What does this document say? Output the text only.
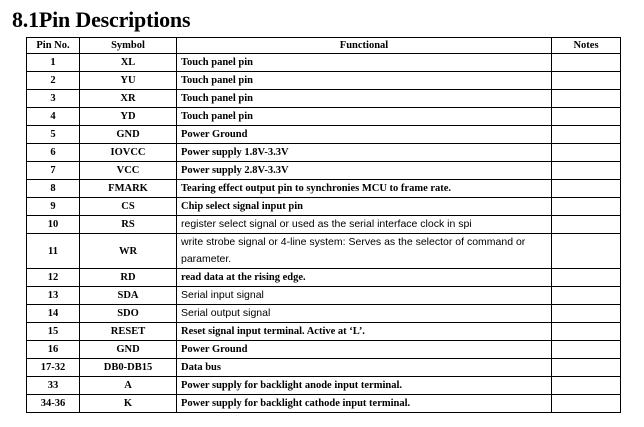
8.1Pin Descriptions
Pin No.	Symbol	Functional	Notes
1	XL	Touch panel pin	
2	YU	Touch panel pin	
3	XR	Touch panel pin	
4	YD	Touch panel pin	
5	GND	Power Ground	
6	IOVCC	Power supply 1.8V-3.3V	
7	VCC	Power supply 2.8V-3.3V	
8	FMARK	Tearing effect output pin to synchronies MCU to frame rate.	
9	CS	Chip select signal input pin	
10	RS	register select signal or used as the serial interface clock in spi	
11	WR	write strobe signal or 4-line system: Serves as the selector of command or parameter.	
12	RD	read data at the rising edge.	
13	SDA	Serial input signal	
14	SDO	Serial output signal	
15	RESET	Reset signal input terminal. Active at ‘L’.	
16	GND	Power Ground	
17-32	DB0-DB15	Data bus	
33	A	Power supply for backlight anode input terminal.	
34-36	K	Power supply for backlight cathode input terminal.	
